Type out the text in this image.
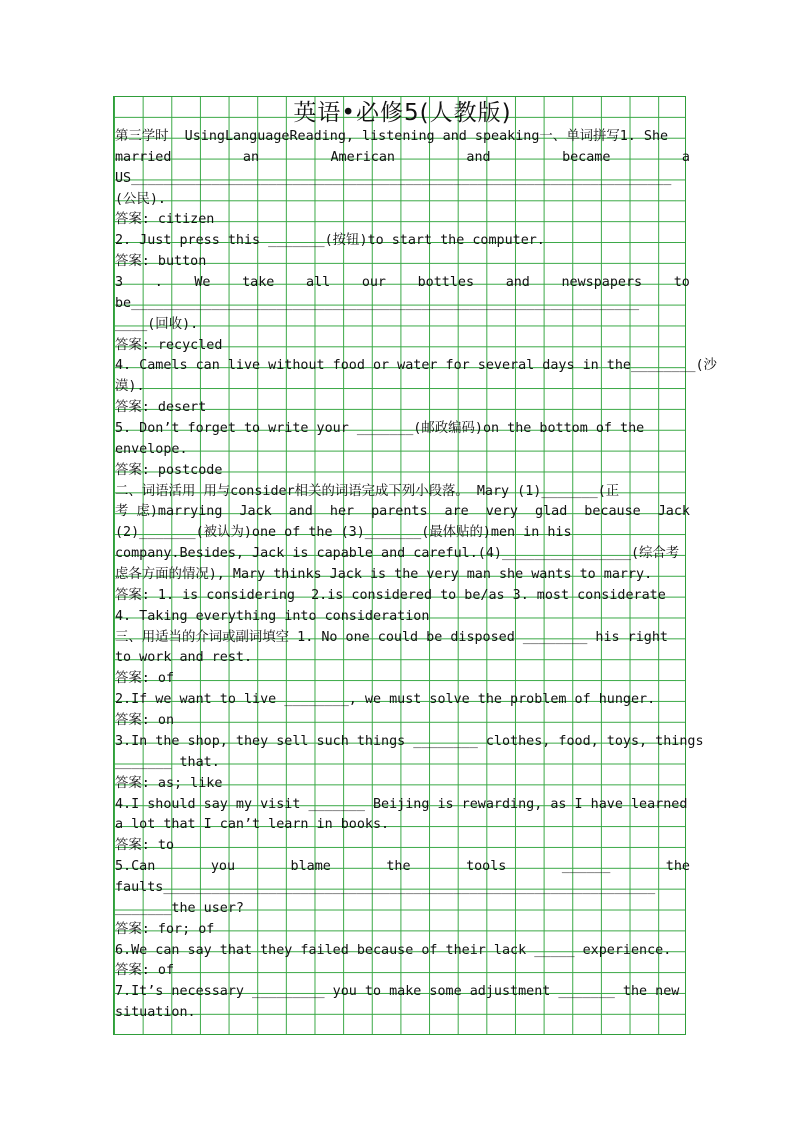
英语•必修5(人教版)
第三学时  UsingLanguageReading, listening and speaking一、单词拼写1. She
married	an	American	and	became	a
US___________________________________________________________________
(公民).
答案: citizen
2. Just press this _______(按钮)to start the computer.
答案: button
3 . We take all our bottles and newspapers to
be_______________________________________________________________
____(回收).
答案: recycled
4. Camels can live without food or water for several days in the________(沙
漠).
答案: desert
5. Don’t forget to write your _______(邮政编码)on the bottom of the
envelope.
答案: postcode
二、词语活用 用与consider相关的词语完成下列小段落。 Mary (1)_______(正
考 虑)marrying Jack and her parents are very glad because Jack
(2)_______(被认为)one of the (3)_______(最体贴的)men in his
company.Besides, Jack is capable and careful.(4)________________(综合考
虑各方面的情况), Mary thinks Jack is the very man she wants to marry.
答案: 1. is considering  2.is considered to be/as 3. most considerate
4. Taking everything into consideration
三、用适当的介词或副词填空 1. No one could be disposed ________ his right
to work and rest.
答案: of
2.If we want to live ________, we must solve the problem of hunger.
答案: on
3.In the shop, they sell such things ________ clothes, food, toys, things
_______ that.
答案: as; like
4.I should say my visit _______ Beijing is rewarding, as I have learned
a lot that I can’t learn in books.
答案: to
5.Can	you	blame	the	tools	______	the
faults_____________________________________________________________
_______the user?
答案: for; of
6.We can say that they failed because of their lack _____ experience.
答案: of
7.It’s necessary _________ you to make some adjustment _______ the new
situation.
